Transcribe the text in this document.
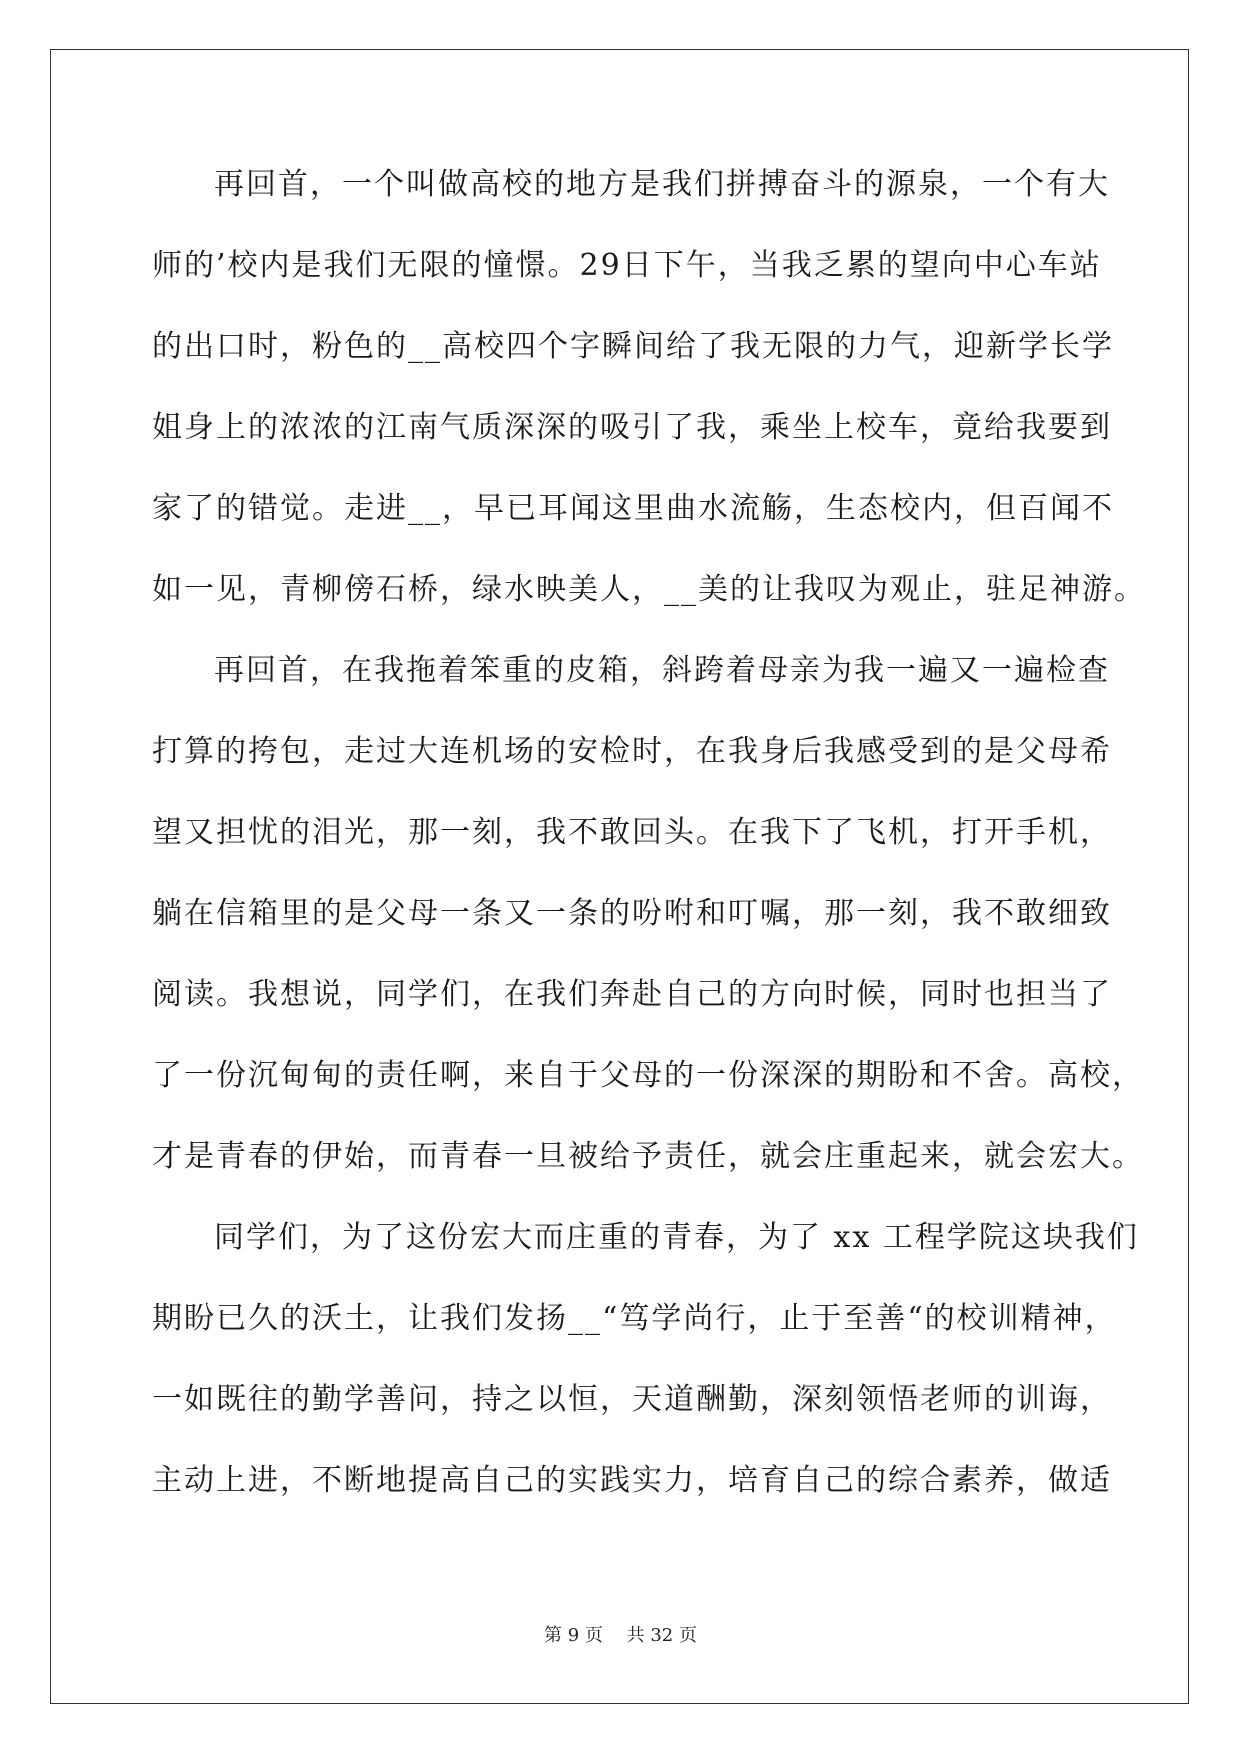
再回首，一个叫做高校的地方是我们拼搏奋斗的源泉，一个有大
师的’校内是我们无限的憧憬。29日下午，当我乏累的望向中心车站
的出口时，粉色的__高校四个字瞬间给了我无限的力气，迎新学长学
姐身上的浓浓的江南气质深深的吸引了我，乘坐上校车，竟给我要到
家了的错觉。走进__，早已耳闻这里曲水流觞，生态校内，但百闻不
如一见，青柳傍石桥，绿水映美人，__美的让我叹为观止，驻足神游。
再回首，在我拖着笨重的皮箱，斜跨着母亲为我一遍又一遍检查
打算的挎包，走过大连机场的安检时，在我身后我感受到的是父母希
望又担忧的泪光，那一刻，我不敢回头。在我下了飞机，打开手机，
躺在信箱里的是父母一条又一条的吩咐和叮嘱，那一刻，我不敢细致
阅读。我想说，同学们，在我们奔赴自己的方向时候，同时也担当了
了一份沉甸甸的责任啊，来自于父母的一份深深的期盼和不舍。高校，
才是青春的伊始，而青春一旦被给予责任，就会庄重起来，就会宏大。
同学们，为了这份宏大而庄重的青春，为了 xx 工程学院这块我们
期盼已久的沃土，让我们发扬__“笃学尚行，止于至善“的校训精神，
一如既往的勤学善问，持之以恒，天道酬勤，深刻领悟老师的训诲，
主动上进，不断地提高自己的实践实力，培育自己的综合素养，做适
第 9 页　 共 32 页
